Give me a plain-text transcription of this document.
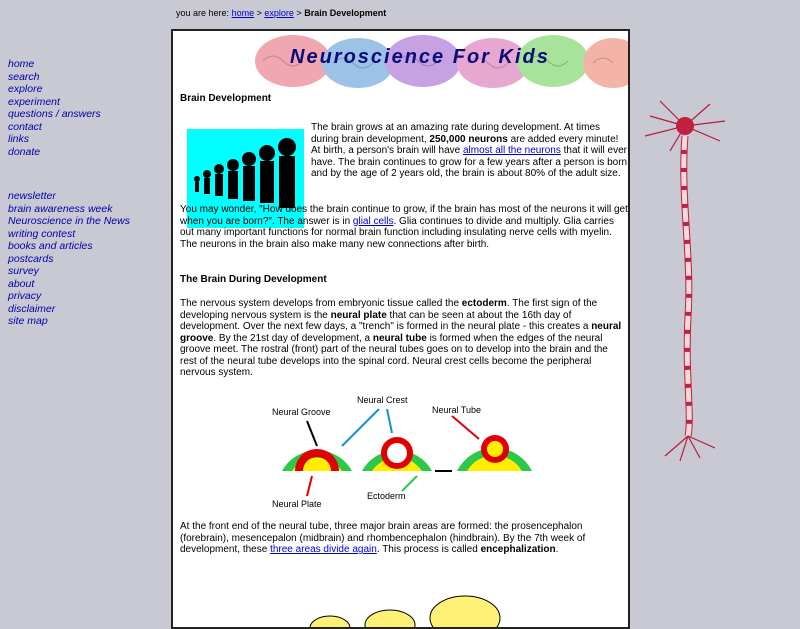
you are here: home > explore > Brain Development
home
search
explore
experiment
questions / answers
contact
links
donate
newsletter
brain awareness week
Neuroscience in the News
writing contest
books and articles
postcards
survey
about
privacy
disclaimer
site map
Neuroscience For Kids

Brain Development

The brain grows at an amazing rate during development. At times during brain development, 250,000 neurons are added every minute! At birth, a person's brain will have almost all the neurons that it will ever have. The brain continues to grow for a few years after a person is born and by the age of 2 years old, the brain is about 80% of the adult size.

You may wonder, "How does the brain continue to grow, if the brain has most of the neurons it will get when you are born?". The answer is in glial cells. Glia continues to divide and multiply. Glia carries out many important functions for normal brain function including insulating nerve cells with myelin. The neurons in the brain also make many new connections after birth.

The Brain During Development

The nervous system develops from embryonic tissue called the ectoderm. The first sign of the developing nervous system is the neural plate that can be seen at about the 16th day of development. Over the next few days, a "trench" is formed in the neural plate - this creates a neural groove. By the 21st day of development, a neural tube is formed when the edges of the neural groove meet. The rostral (front) part of the neural tubes goes on to develop into the brain and the rest of the neural tube develops into the spinal cord. Neural crest cells become the peripheral nervous system.

Neural Groove
Neural Crest
Neural Tube
Neural Plate
Ectoderm

At the front end of the neural tube, three major brain areas are formed: the prosencephalon (forebrain), mesencepalon (midbrain) and rhombencephalon (hindbrain). By the 7th week of development, these three areas divide again. This process is called encephalization.
